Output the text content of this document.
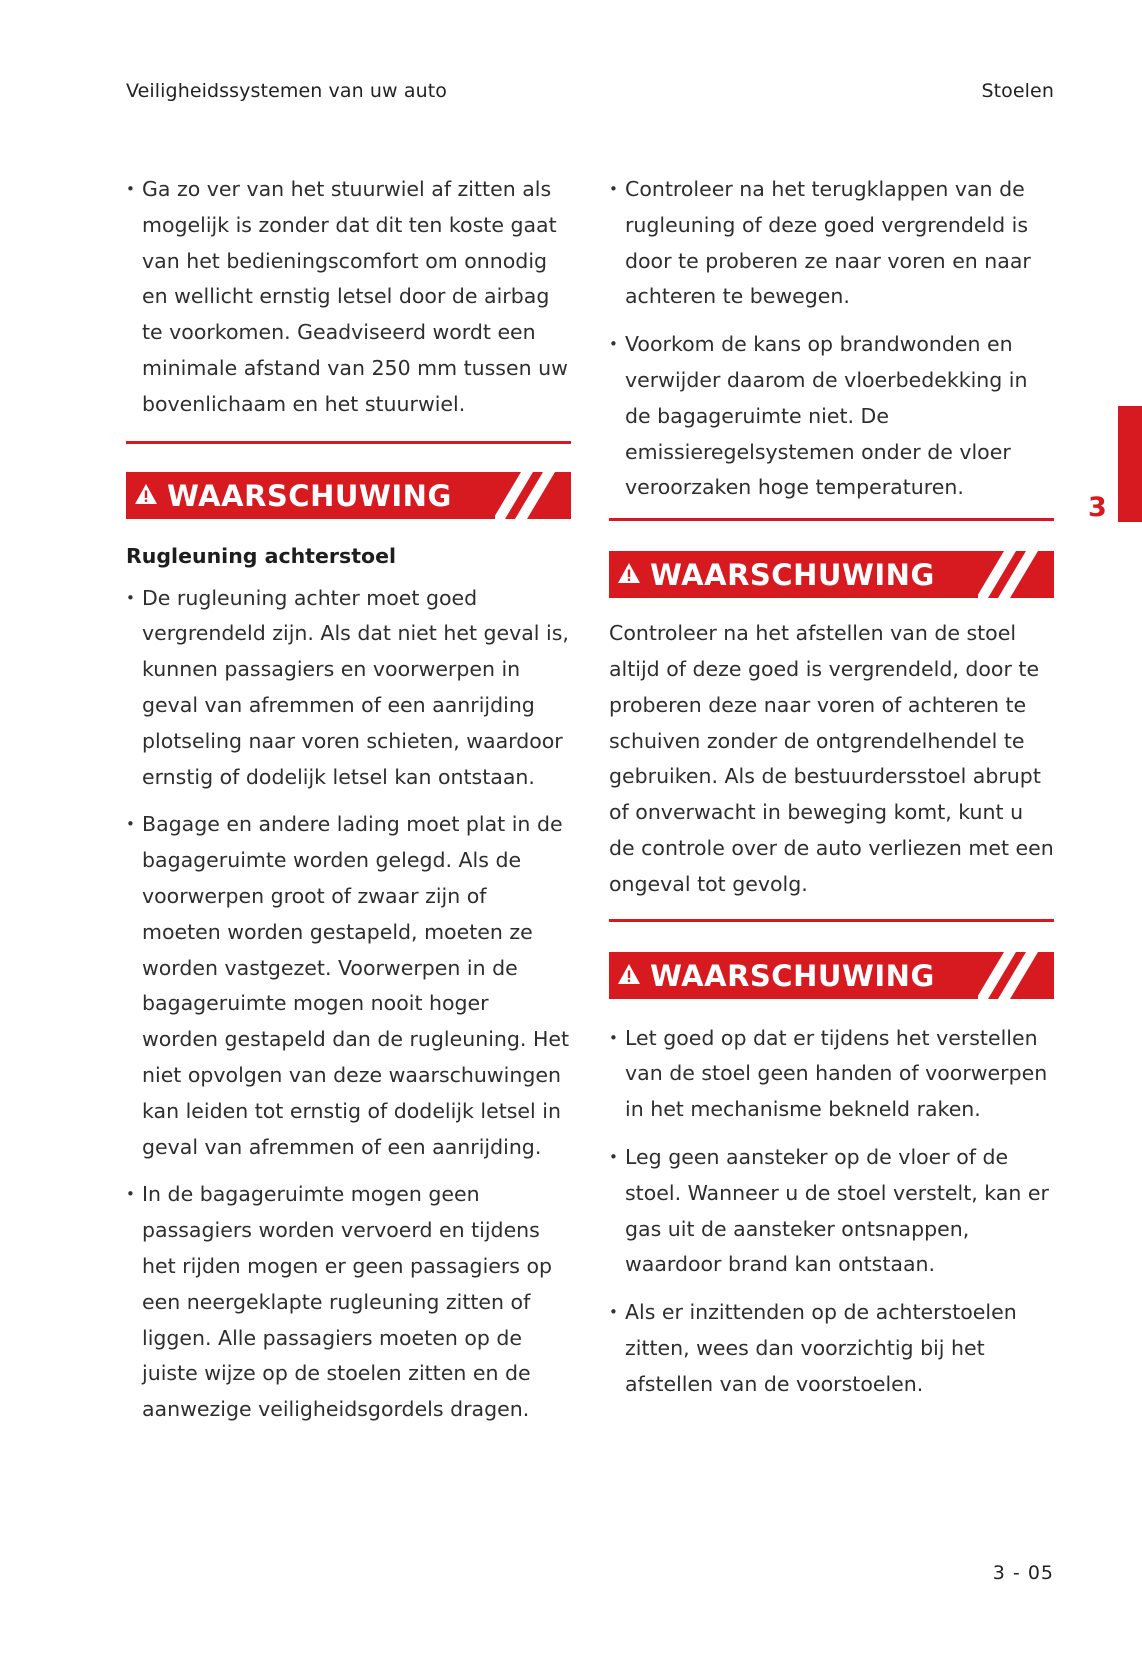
Veiligheidssystemen van uw auto	Stoelen
• Ga zo ver van het stuurwiel af zitten als mogelijk is zonder dat dit ten koste gaat van het bedieningscomfort om onnodig en wellicht ernstig letsel door de airbag te voorkomen. Geadviseerd wordt een minimale afstand van 250 mm tussen uw bovenlichaam en het stuurwiel.
WAARSCHUWING

Rugleuning achterstoel

• De rugleuning achter moet goed vergrendeld zijn. Als dat niet het geval is, kunnen passagiers en voorwerpen in geval van afremmen of een aanrijding plotseling naar voren schieten, waardoor ernstig of dodelijk letsel kan ontstaan.
• Bagage en andere lading moet plat in de bagageruimte worden gelegd. Als de voorwerpen groot of zwaar zijn of moeten worden gestapeld, moeten ze worden vastgezet. Voorwerpen in de bagageruimte mogen nooit hoger worden gestapeld dan de rugleuning. Het niet opvolgen van deze waarschuwingen kan leiden tot ernstig of dodelijk letsel in geval van afremmen of een aanrijding.
• In de bagageruimte mogen geen passagiers worden vervoerd en tijdens het rijden mogen er geen passagiers op een neergeklapte rugleuning zitten of liggen. Alle passagiers moeten op de juiste wijze op de stoelen zitten en de aanwezige veiligheidsgordels dragen.
• Controleer na het terugklappen van de rugleuning of deze goed vergrendeld is door te proberen ze naar voren en naar achteren te bewegen.
• Voorkom de kans op brandwonden en verwijder daarom de vloerbedekking in de bagageruimte niet. De emissieregelsystemen onder de vloer veroorzaken hoge temperaturen.
WAARSCHUWING

Controleer na het afstellen van de stoel altijd of deze goed is vergrendeld, door te proberen deze naar voren of achteren te schuiven zonder de ontgrendelhendel te gebruiken. Als de bestuurdersstoel abrupt of onverwacht in beweging komt, kunt u de controle over de auto verliezen met een ongeval tot gevolg.

WAARSCHUWING
• Let goed op dat er tijdens het verstellen van de stoel geen handen of voorwerpen in het mechanisme bekneld raken.
• Leg geen aansteker op de vloer of de stoel. Wanneer u de stoel verstelt, kan er gas uit de aansteker ontsnappen, waardoor brand kan ontstaan.
• Als er inzittenden op de achterstoelen zitten, wees dan voorzichtig bij het afstellen van de voorstoelen.
3
3 - 05
